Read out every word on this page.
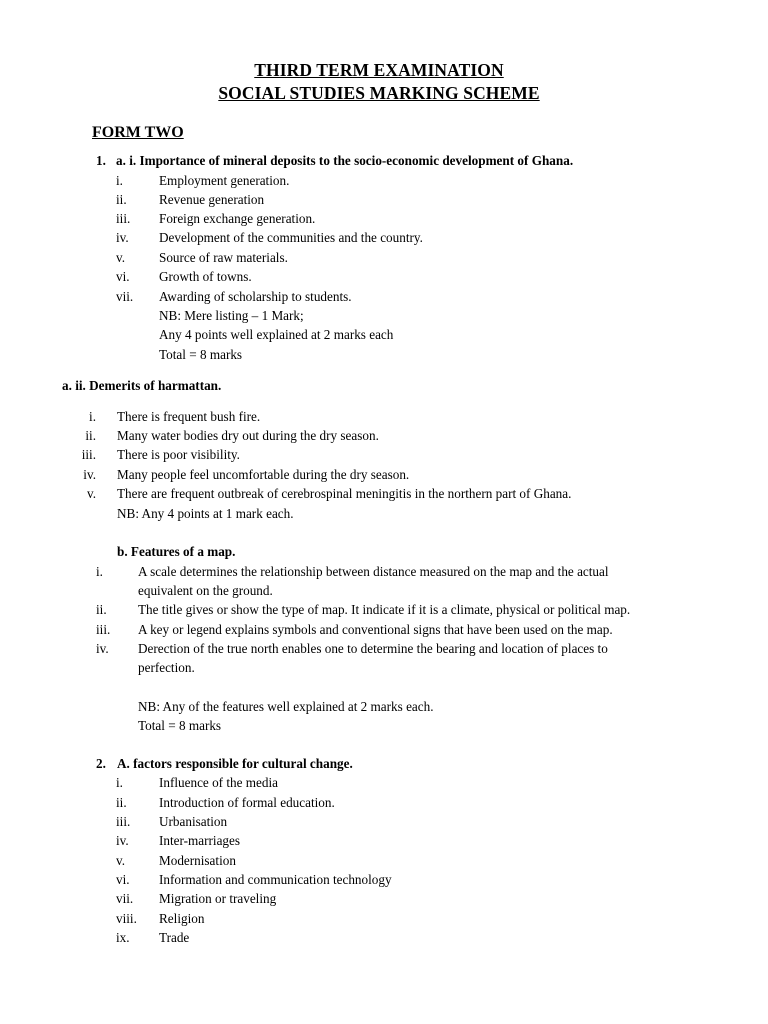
THIRD TERM EXAMINATION
SOCIAL STUDIES MARKING SCHEME
FORM TWO
1. a. i. Importance of mineral deposits to the socio-economic development of Ghana.
i.	Employment generation.
ii. Revenue generation
iii. Foreign exchange generation.
iv. Development of the communities and the country.
v.	Source of raw materials.
vi. Growth of towns.
vii. Awarding of scholarship to students.
NB: Mere listing – 1 Mark;
Any 4 points well explained at 2 marks each
Total = 8 marks
a. ii. Demerits of harmattan.
i. There is frequent bush fire.
ii. Many water bodies dry out during the dry season.
iii. There is poor visibility.
iv. Many people feel uncomfortable during the dry season.
v. There are frequent outbreak of cerebrospinal meningitis in the northern part of Ghana.
NB: Any 4 points at 1 mark each.
b. Features of a map.
i.	A scale determines the relationship between distance measured on the map and the actual
equivalent on the ground.
ii. The title gives or show the type of map. It indicate if it is a climate, physical or political map.
iii. A key or legend explains symbols and conventional signs that have been used on the map.
iv. Derection of the true north enables one to determine the bearing and location of places to
perfection.
NB: Any of the features well explained at 2 marks each.
Total = 8 marks
2. A. factors responsible for cultural change.
i.	Influence of the media
ii. Introduction of formal education.
iii. Urbanisation
iv. Inter-marriages
v.	Modernisation
vi. Information and communication technology
vii. Migration or traveling
viii. Religion
ix. Trade
